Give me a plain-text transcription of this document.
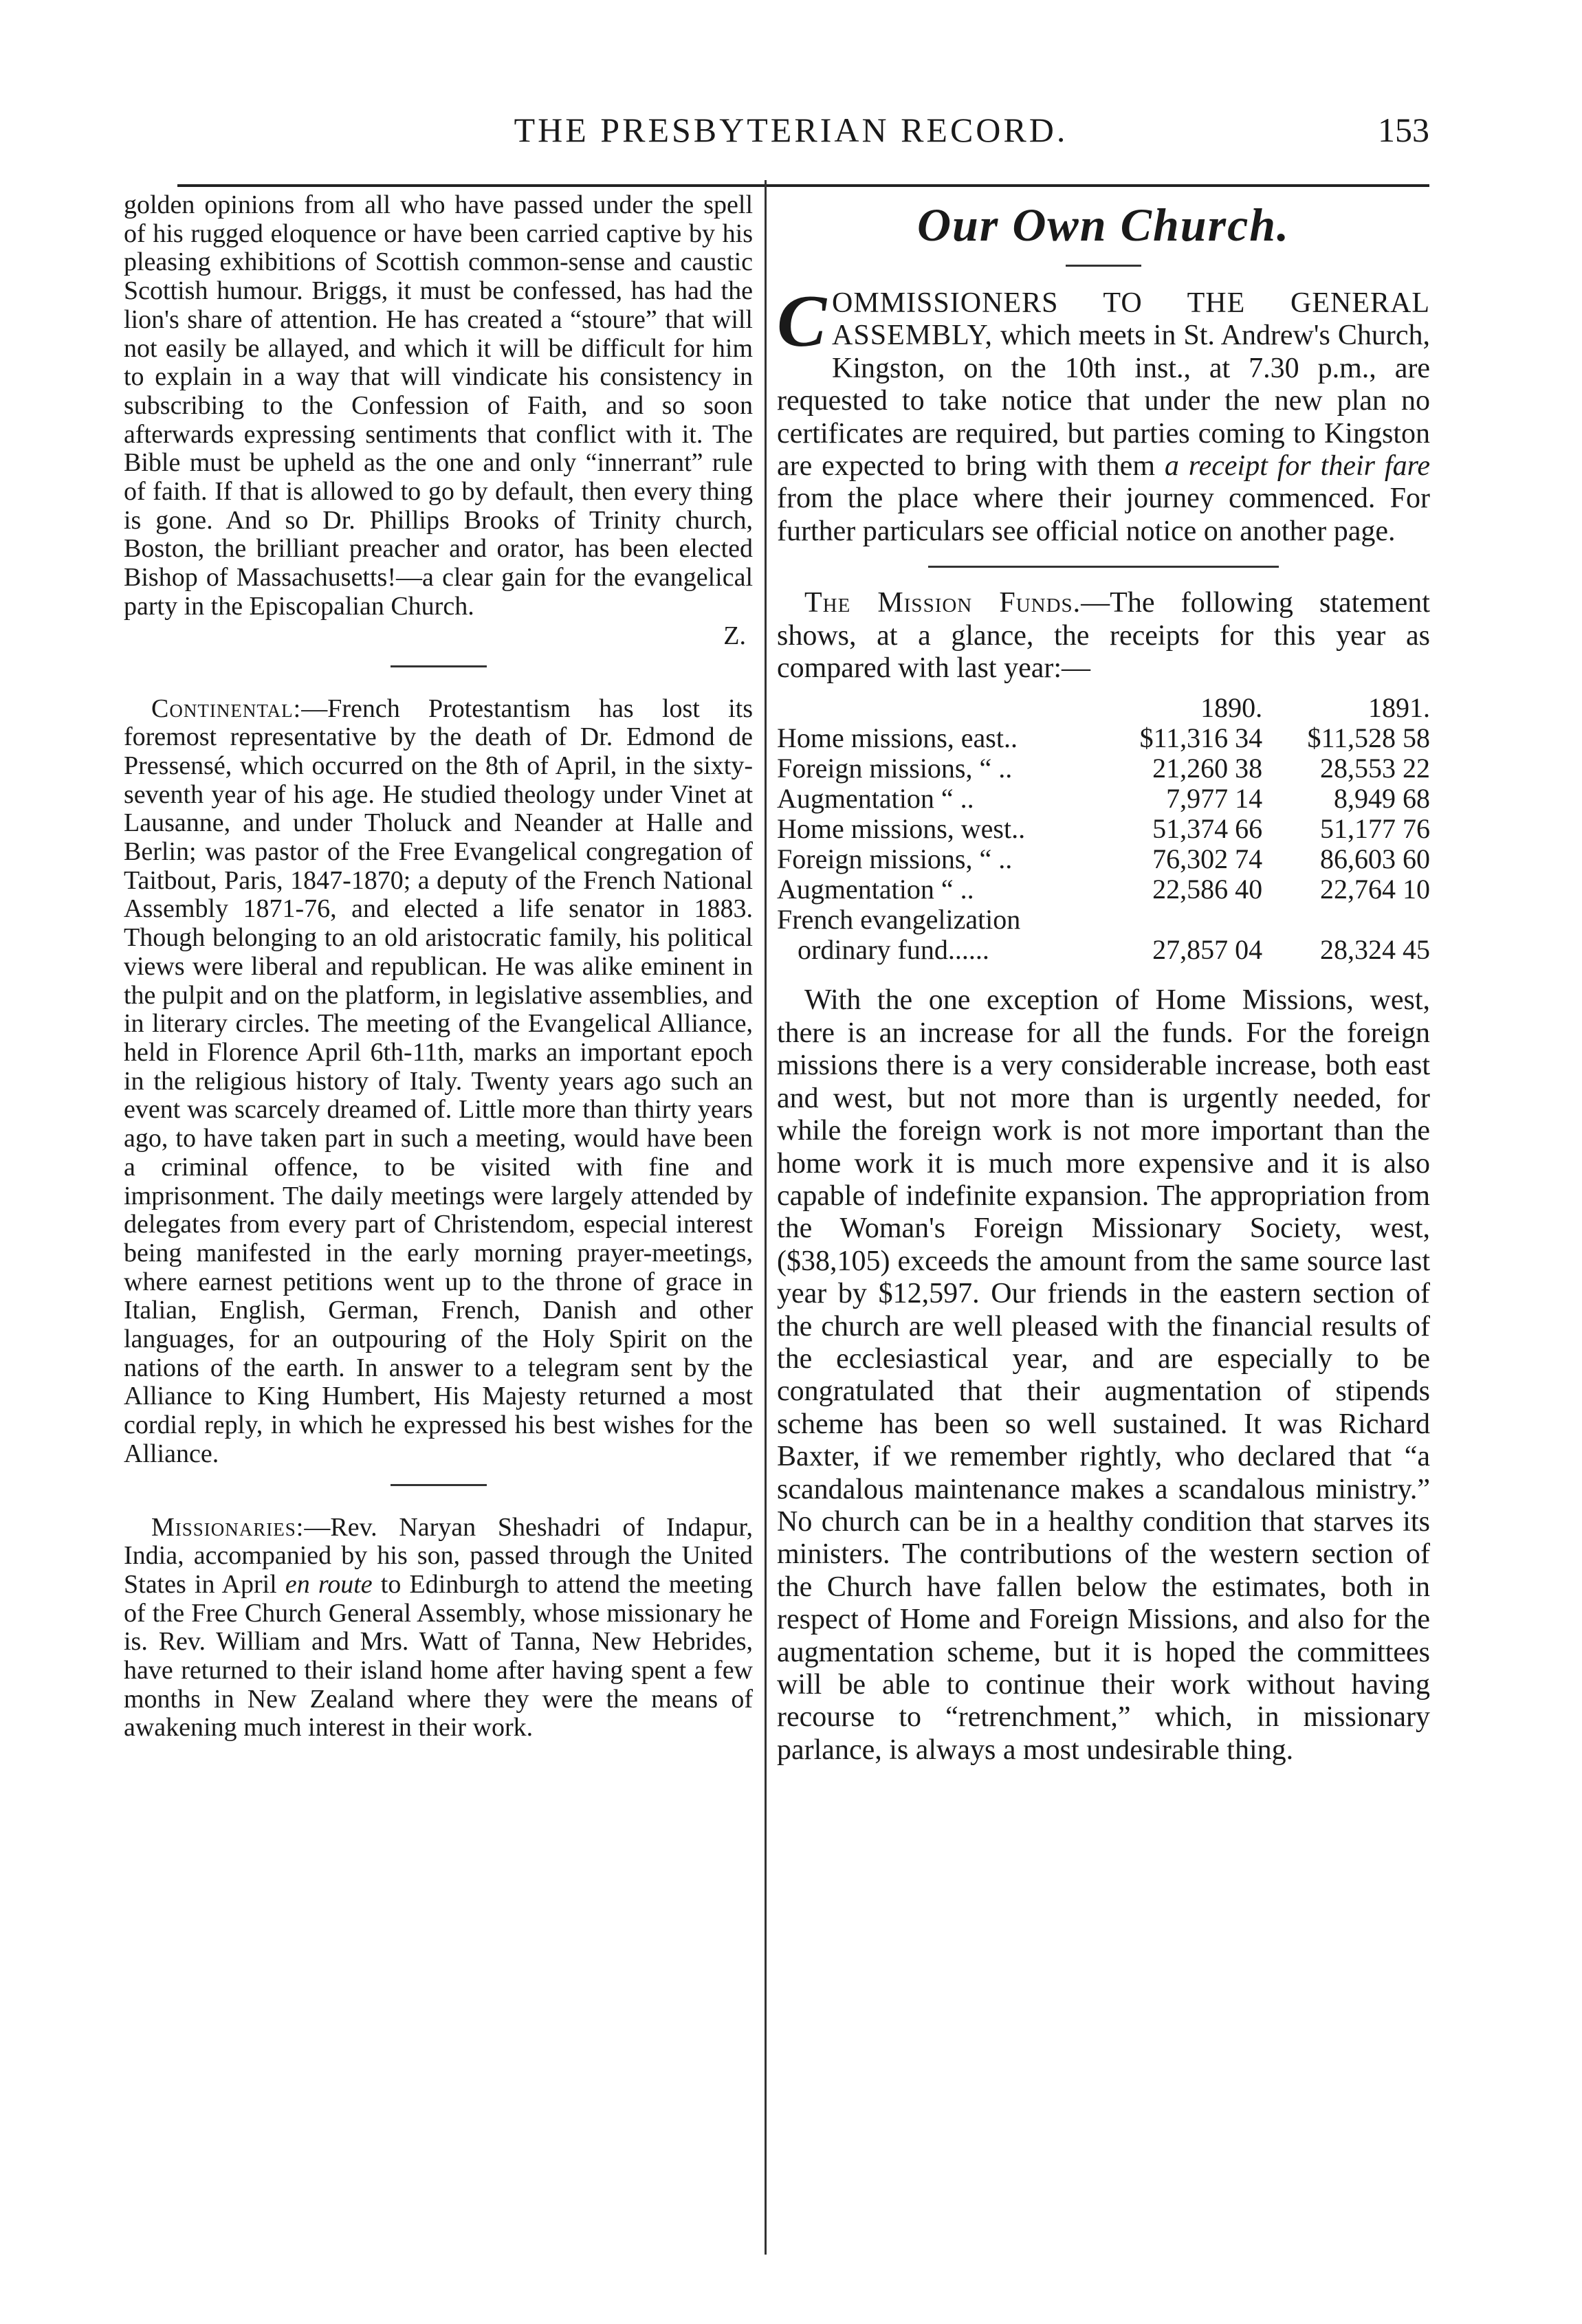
THE PRESBYTERIAN RECORD.	153

golden opinions from all who have passed under the spell of his rugged eloquence or have been carried captive by his pleasing exhibitions of Scottish common-sense and caustic Scottish humour. Briggs, it must be confessed, has had the lion's share of attention. He has created a “stoure” that will not easily be allayed, and which it will be difficult for him to explain in a way that will vindicate his consistency in subscribing to the Confession of Faith, and so soon afterwards expressing sentiments that conflict with it. The Bible must be upheld as the one and only “innerrant” rule of faith. If that is allowed to go by default, then every thing is gone. And so Dr. Phillips Brooks of Trinity church, Boston, the brilliant preacher and orator, has been elected Bishop of Massachusetts!—a clear gain for the evangelical party in the Episcopalian Church.

Z.

Continental:—French Protestantism has lost its foremost representative by the death of Dr. Edmond de Pressensé, which occurred on the 8th of April, in the sixty-seventh year of his age. He studied theology under Vinet at Lausanne, and under Tholuck and Neander at Halle and Berlin; was pastor of the Free Evangelical congregation of Taitbout, Paris, 1847-1870; a deputy of the French National Assembly 1871-76, and elected a life senator in 1883. Though belonging to an old aristocratic family, his political views were liberal and republican. He was alike eminent in the pulpit and on the platform, in legislative assemblies, and in literary circles. The meeting of the Evangelical Alliance, held in Florence April 6th-11th, marks an important epoch in the religious history of Italy. Twenty years ago such an event was scarcely dreamed of. Little more than thirty years ago, to have taken part in such a meeting, would have been a criminal offence, to be visited with fine and imprisonment. The daily meetings were largely attended by delegates from every part of Christendom, especial interest being manifested in the early morning prayer-meetings, where earnest petitions went up to the throne of grace in Italian, English, German, French, Danish and other languages, for an outpouring of the Holy Spirit on the nations of the earth. In answer to a telegram sent by the Alliance to King Humbert, His Majesty returned a most cordial reply, in which he expressed his best wishes for the Alliance.

Missionaries:—Rev. Naryan Sheshadri of Indapur, India, accompanied by his son, passed through the United States in April en route to Edinburgh to attend the meeting of the Free Church General Assembly, whose missionary he is. Rev. William and Mrs. Watt of Tanna, New Hebrides, have returned to their island home after having spent a few months in New Zealand where they were the means of awakening much interest in their work.

Our Own Church.

COMMISSIONERS TO THE GENERAL ASSEMBLY, which meets in St. Andrew's Church, Kingston, on the 10th inst., at 7.30 p.m., are requested to take notice that under the new plan no certificates are required, but parties coming to Kingston are expected to bring with them a receipt for their fare from the place where their journey commenced. For further particulars see official notice on another page.

The Mission Funds.—The following statement shows, at a glance, the receipts for this year as compared with last year:—

	1890.	1891.
Home missions, east..	$11,316 34	$11,528 58
Foreign missions, “ ..	21,260 38	28,553 22
Augmentation “ ..	7,977 14	8,949 68
Home missions, west..	51,374 66	51,177 76
Foreign missions, “ ..	76,302 74	86,603 60
Augmentation “ ..	22,586 40	22,764 10
French evangelization		
ordinary fund......	27,857 04	28,324 45

With the one exception of Home Missions, west, there is an increase for all the funds. For the foreign missions there is a very considerable increase, both east and west, but not more than is urgently needed, for while the foreign work is not more important than the home work it is much more expensive and it is also capable of indefinite expansion. The appropriation from the Woman's Foreign Missionary Society, west, ($38,105) exceeds the amount from the same source last year by $12,597. Our friends in the eastern section of the church are well pleased with the financial results of the ecclesiastical year, and are especially to be congratulated that their augmentation of stipends scheme has been so well sustained. It was Richard Baxter, if we remember rightly, who declared that “a scandalous maintenance makes a scandalous ministry.” No church can be in a healthy condition that starves its ministers. The contributions of the western section of the Church have fallen below the estimates, both in respect of Home and Foreign Missions, and also for the augmentation scheme, but it is hoped the committees will be able to continue their work without having recourse to “retrenchment,” which, in missionary parlance, is always a most undesirable thing.
